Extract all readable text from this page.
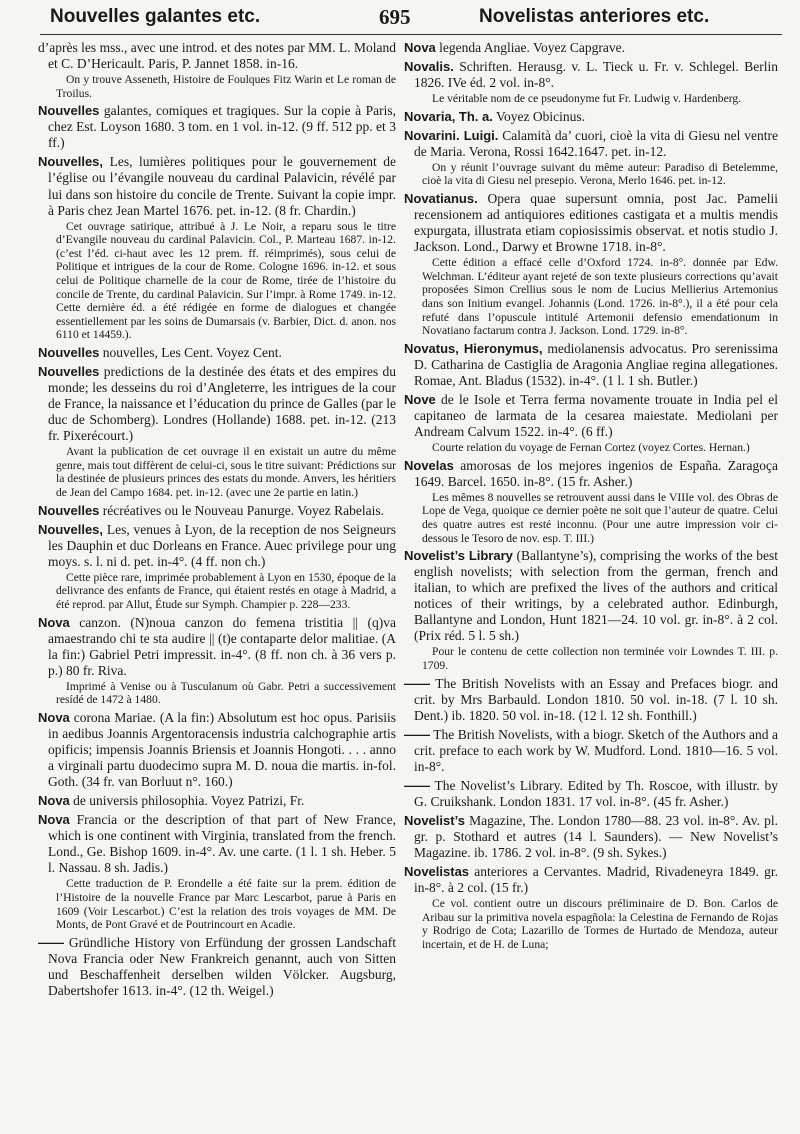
Nouvelles galantes etc.	695	Novelistas anteriores etc.

d’après les mss., avec une introd. et des notes par MM. L. Moland et C. D’Hericault. Paris, P. Jannet 1858. in-16.
On y trouve Asseneth, Histoire de Foulques Fitz Warin et Le roman de Troilus.

Nouvelles galantes, comiques et tragiques. Sur la copie à Paris, chez Est. Loyson 1680. 3 tom. en 1 vol. in-12. (9 ff. 512 pp. et 3 ff.)

Nouvelles, Les, lumières politiques pour le gouvernement de l’église ou l’évangile nouveau du cardinal Palavicin, révélé par lui dans son histoire du concile de Trente. Suivant la copie impr. à Paris chez Jean Martel 1676. pet. in-12. (8 fr. Chardin.)
Cet ouvrage satirique, attribué à J. Le Noir, a reparu sous le titre d’Evangile nouveau du cardinal Palavicin. Col., P. Marteau 1687. in-12. (c’est l’éd. ci-haut avec les 12 prem. ff. réimprimés), sous celui de Politique et intrigues de la cour de Rome. Cologne 1696. in-12. et sous celui de Politique charnelle de la cour de Rome, tirée de l’histoire du concile de Trente, du cardinal Palavicin. Sur l’impr. à Rome 1749. in-12. Cette dernière éd. a été rédigée en forme de dialogues et changée essentiellement par les soins de Dumarsais (v. Barbier, Dict. d. anon. nos 6110 et 14459.).

Nouvelles nouvelles, Les Cent. Voyez Cent.

Nouvelles predictions de la destinée des états et des empires du monde; les desseins du roi d’Angleterre, les intrigues de la cour de France, la naissance et l’éducation du prince de Galles (par le duc de Schomberg). Londres (Hollande) 1688. pet. in-12. (213 fr. Pixerécourt.)
Avant la publication de cet ouvrage il en existait un autre du même genre, mais tout diffèrent de celui-ci, sous le titre suivant: Prédictions sur la destinée de plusieurs princes des estats du monde. Anvers, les héritiers de Jean del Campo 1684. pet. in-12. (avec une 2e partie en latin.)

Nouvelles récréatives ou le Nouveau Panurge. Voyez Rabelais.

Nouvelles, Les, venues à Lyon, de la reception de nos Seigneurs les Dauphin et duc Dorleans en France. Auec privilege pour ung moys. s. l. ni d. pet. in-4°. (4 ff. non ch.)
Cette pièce rare, imprimée probablement à Lyon en 1530, époque de la delivrance des enfants de France, qui étaient restés en otage à Madrid, a été reprod. par Allut, Étude sur Symph. Champier p. 228—233.

Nova canzon. (N)noua canzon do femena tristitia || (q)va amaestrando chi te sta audire || (t)e contaparte delor malitiae. (A la fin:) Gabriel Petri impressit. in-4°. (8 ff. non ch. à 36 vers p. p.) 80 fr. Riva.
Imprimé à Venise ou à Tusculanum où Gabr. Petri a successivement resídé de 1472 à 1480.

Nova corona Mariae. (A la fin:) Absolutum est hoc opus. Parisiis in aedibus Joannis Argentoracensis industria calchographie artis opificis; impensis Joannis Briensis et Joannis Hongoti. . . . anno a virginali partu duodecimo supra M. D. noua die martis. in-fol. Goth. (34 fr. van Borluut n°. 160.)

Nova de universis philosophia. Voyez Patrizi, Fr.

Nova Francia or the description of that part of New France, which is one continent with Virginia, translated from the french. Lond., Ge. Bishop 1609. in-4°. Av. une carte. (1 l. 1 sh. Heber. 5 l. Nassau. 8 sh. Jadis.)
Cette traduction de P. Erondelle a été faite sur la prem. édition de l’Histoire de la nouvelle France par Marc Lescarbot, parue à Paris en 1609 (Voir Lescarbot.) C’est la relation des trois voyages de MM. De Monts, de Pont Gravé et de Poutrincourt en Acadie.

—— Gründliche History von Erfündung der grossen Landschaft Nova Francia oder New Frankreich genannt, auch von Sitten und Beschaffenheit derselben wilden Völcker. Augsburg, Dabertshofer 1613. in-4°. (12 th. Weigel.)

Nova legenda Angliae. Voyez Capgrave.

Novalis. Schriften. Herausg. v. L. Tieck u. Fr. v. Schlegel. Berlin 1826. IVe éd. 2 vol. in-8°.
Le véritable nom de ce pseudonyme fut Fr. Ludwig v. Hardenberg.

Novaria, Th. a. Voyez Obicinus.

Novarini. Luigi. Calamità da’ cuori, cioè la vita di Giesu nel ventre de Maria. Verona, Rossi 1642.1647. pet. in-12.
On y réunit l’ouvrage suivant du même auteur: Paradiso di Betelemme, cioè la vita di Giesu nel presepio. Verona, Merlo 1646. pet. in-12.

Novatianus. Opera quae supersunt omnia, post Jac. Pamelii recensionem ad antiquiores editiones castigata et a multis mendis expurgata, illustrata etiam copiosissimis observat. et notis studio J. Jackson. Lond., Darwy et Browne 1718. in-8°.
Cette édition a effacé celle d’Oxford 1724. in-8°. donnée par Edw. Welchman. L’éditeur ayant rejeté de son texte plusieurs corrections qu’avait proposées Simon Crellius sous le nom de Lucius Mellierius Artemonius dans son Initium evangel. Johannis (Lond. 1726. in-8°.), il a été pour cela refuté dans l’opuscule intitulé Artemonii defensio emendationum in Novatiano factarum contra J. Jackson. Lond. 1729. in-8°.

Novatus, Hieronymus, mediolanensis advocatus. Pro serenissima D. Catharina de Castiglia de Aragonia Angliae regina allegationes. Romae, Ant. Bladus (1532). in-4°. (1 l. 1 sh. Butler.)

Nove de le Isole et Terra ferma novamente trouate in India pel el capitaneo de larmata de la cesarea maiestate. Mediolani per Andream Calvum 1522. in-4°. (6 ff.)
Courte relation du voyage de Fernan Cortez (voyez Cortes. Hernan.)

Novelas amorosas de los mejores ingenios de España. Zaragoça 1649. Barcel. 1650. in-8°. (15 fr. Asher.)
Les mêmes 8 nouvelles se retrouvent aussi dans le VIIIe vol. des Obras de Lope de Vega, quoique ce dernier poète ne soit que l’auteur de quatre. Celui des quatre autres est resté inconnu. (Pour une autre impression voir ci-dessous le Tesoro de nov. esp. T. III.)

Novelist’s Library (Ballantyne’s), comprising the works of the best english novelists; with selection from the german, french and italian, to which are prefixed the lives of the authors and critical notices of their writings, by a celebrated author. Edinburgh, Ballantyne and London, Hunt 1821—24. 10 vol. gr. in-8°. à 2 col. (Prix réd. 5 l. 5 sh.)
Pour le contenu de cette collection non terminée voir Lowndes T. III. p. 1709.

—— The British Novelists with an Essay and Prefaces biogr. and crit. by Mrs Barbauld. London 1810. 50 vol. in-18. (7 l. 10 sh. Dent.) ib. 1820. 50 vol. in-18. (12 l. 12 sh. Fonthill.)

—— The British Novelists, with a biogr. Sketch of the Authors and a crit. preface to each work by W. Mudford. Lond. 1810—16. 5 vol. in-8°.

—— The Novelist’s Library. Edited by Th. Roscoe, with illustr. by G. Cruikshank. London 1831. 17 vol. in-8°. (45 fr. Asher.)

Novelist’s Magazine, The. London 1780—88. 23 vol. in-8°. Av. pl. gr. p. Stothard et autres (14 l. Saunders). — New Novelist’s Magazine. ib. 1786. 2 vol. in-8°. (9 sh. Sykes.)

Novelistas anteriores a Cervantes. Madrid, Rivadeneyra 1849. gr. in-8°. à 2 col. (15 fr.)
Ce vol. contient outre un discours préliminaire de D. Bon. Carlos de Aribau sur la primitiva novela espagñola: la Celestina de Fernando de Rojas y Rodrigo de Cota; Lazarillo de Tormes de Hurtado de Mendoza, auteur incertain, et de H. de Luna;
